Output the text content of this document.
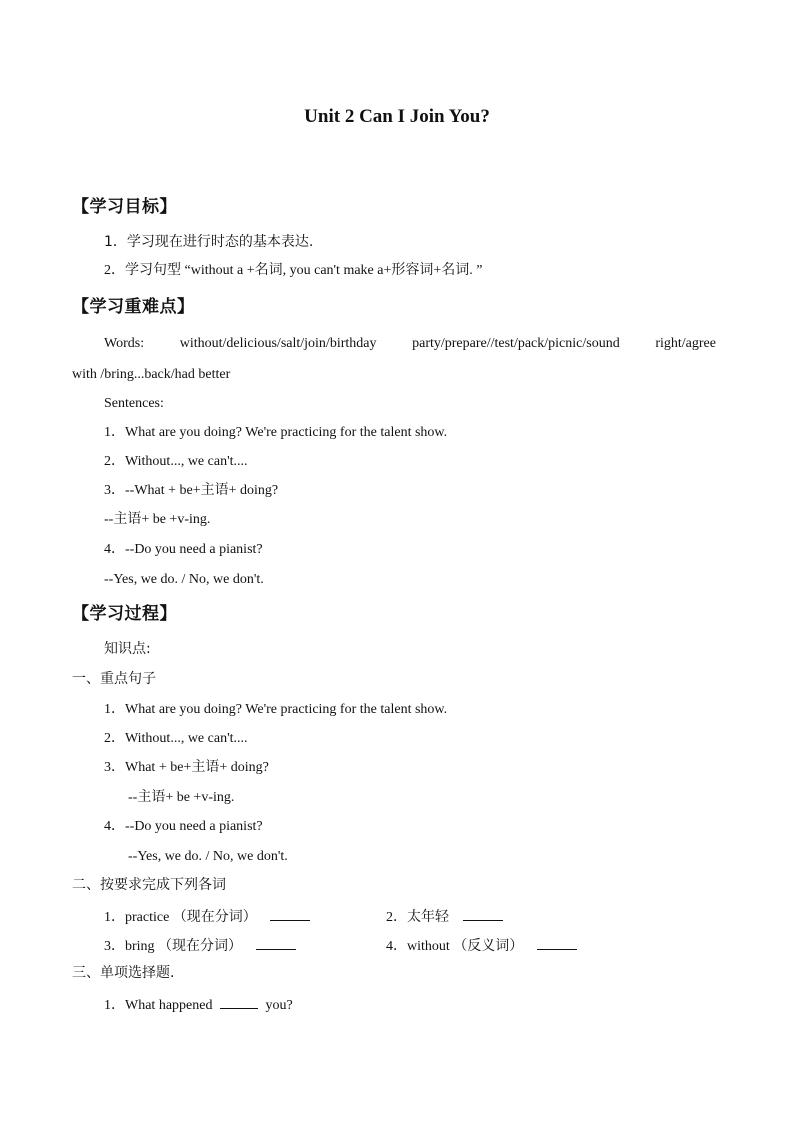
Unit 2 Can I Join You?
【学习目标】
1．学习现在进行时态的基本表达.
2．学习句型 “without a +名词, you can't make a+形容词+名词. ”
【学习重难点】
Words:	without/delicious/salt/join/birthday	party/prepare//test/pack/picnic/sound	right/agree
with /bring...back/had better
Sentences:
1．What are you doing? We're practicing for the talent show.
2．Without..., we can't....
3．--What + be+主语+ doing?
--主语+ be +v-ing.
4．--Do you need a pianist?
--Yes, we do. / No, we don't.
【学习过程】
知识点:
一、重点句子
1．What are you doing? We're practicing for the talent show.
2．Without..., we can't....
3．What + be+主语+ doing?
--主语+ be +v-ing.
4．--Do you need a pianist?
--Yes, we do. / No, we don't.
二、按要求完成下列各词
1．practice （现在分词）	2．太年轻
3．bring （现在分词）	4．without （反义词）
三、单项选择题.
1．What happened	you?
